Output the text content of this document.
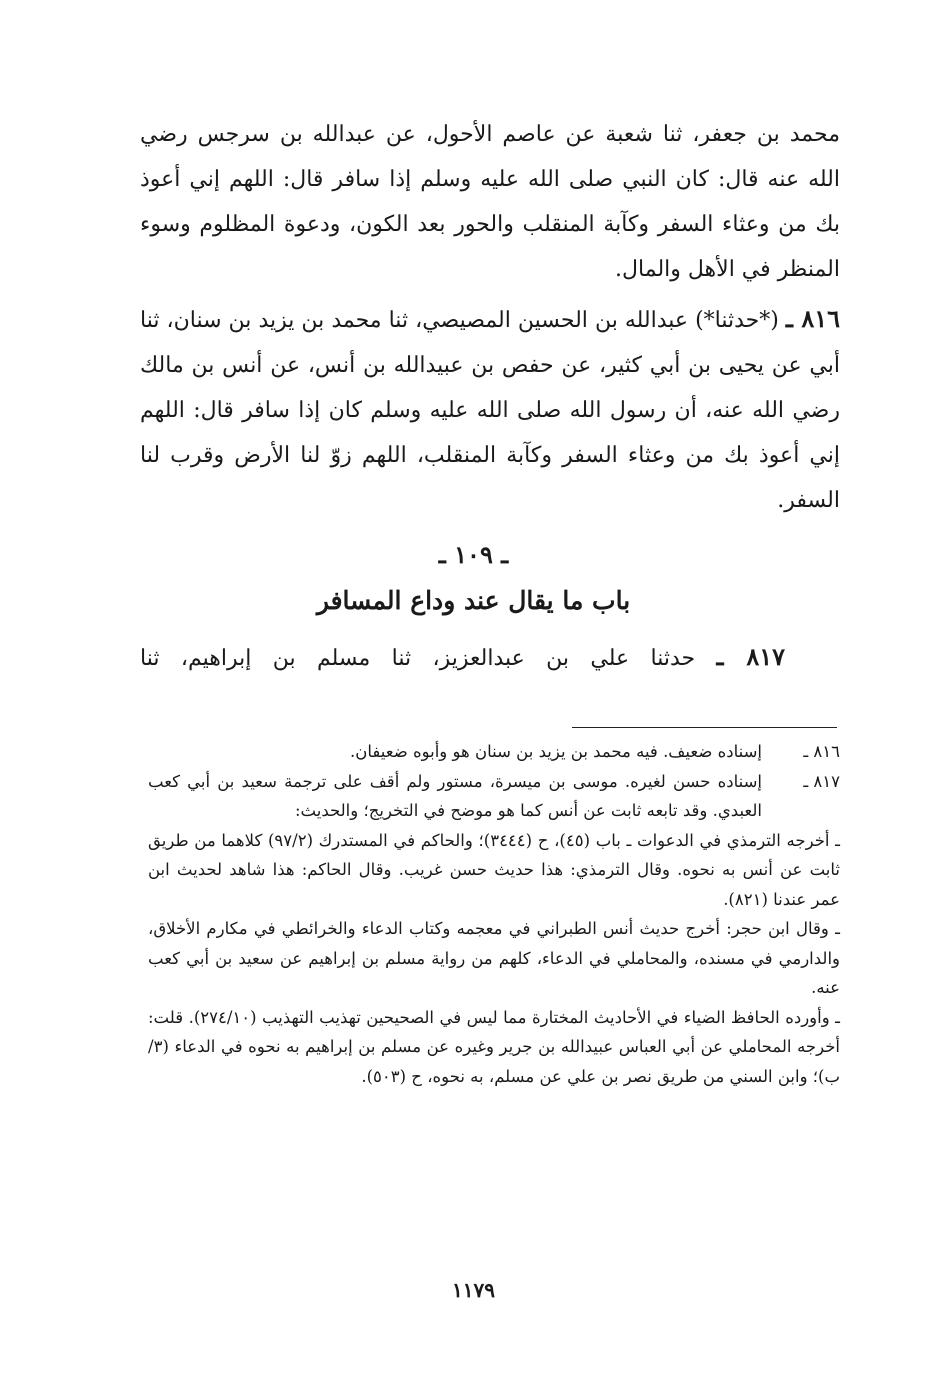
محمد بن جعفر، ثنا شعبة عن عاصم الأحول، عن عبدالله بن سرجس رضي الله عنه قال: كان النبي صلى الله عليه وسلم إذا سافر قال: اللهم إني أعوذ بك من وعثاء السفر وكآبة المنقلب والحور بعد الكون، ودعوة المظلوم وسوء المنظر في الأهل والمال.

٨١٦ ـ (*حدثنا*) عبدالله بن الحسين المصيصي، ثنا محمد بن يزيد بن سنان، ثنا أبي عن يحيى بن أبي كثير، عن حفص بن عبيدالله بن أنس، عن أنس بن مالك رضي الله عنه، أن رسول الله صلى الله عليه وسلم كان إذا سافر قال: اللهم إني أعوذ بك من وعثاء السفر وكآبة المنقلب، اللهم زوّ لنا الأرض وقرب لنا السفر.

ـ ١٠٩ ـ
باب ما يقال عند وداع المسافر
٨١٧ ـ حدثنا علي بن عبدالعزيز، ثنا مسلم بن إبراهيم، ثنا
٨١٦ ـ
إسناده ضعيف. فيه محمد بن يزيد بن سنان هو وأبوه ضعيفان.
٨١٧ ـ
إسناده حسن لغيره. موسى بن ميسرة، مستور ولم أقف على ترجمة سعيد بن أبي كعب العبدي. وقد تابعه ثابت عن أنس كما هو موضح في التخريج؛ والحديث:

ـ أخرجه الترمذي في الدعوات ـ باب (٤٥)، ح (٣٤٤٤)؛ والحاكم في المستدرك (٩٧/٢) كلاهما من طريق ثابت عن أنس به نحوه. وقال الترمذي: هذا حديث حسن غريب. وقال الحاكم: هذا شاهد لحديث ابن عمر عندنا (٨٢١).

ـ وقال ابن حجر: أخرج حديث أنس الطبراني في معجمه وكتاب الدعاء والخرائطي في مكارم الأخلاق، والدارمي في مسنده، والمحاملي في الدعاء، كلهم من رواية مسلم بن إبراهيم عن سعيد بن أبي كعب عنه.

ـ وأورده الحافظ الضياء في الأحاديث المختارة مما ليس في الصحيحين تهذيب التهذيب (٢٧٤/١٠). قلت: أخرجه المحاملي عن أبي العباس عبيدالله بن جرير وغيره عن مسلم بن إبراهيم به نحوه في الدعاء (٣/ب)؛ وابن السني من طريق نصر بن علي عن مسلم، به نحوه، ح (٥٠٣).

١١٧٩
